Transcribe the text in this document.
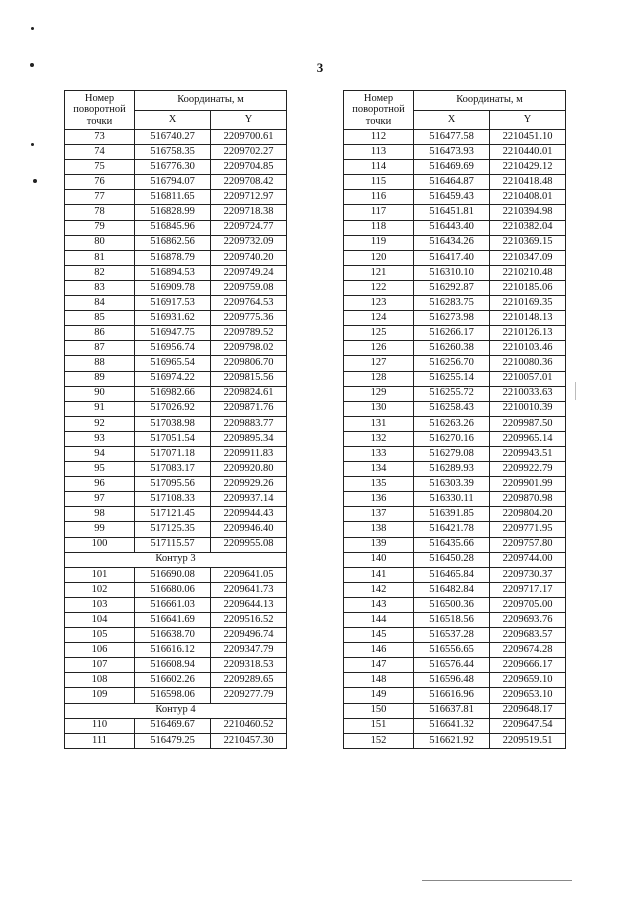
3
Номер поворотной точки	Координаты, м	
	X	Y
73	516740.27	2209700.61
74	516758.35	2209702.27
75	516776.30	2209704.85
76	516794.07	2209708.42
77	516811.65	2209712.97
78	516828.99	2209718.38
79	516845.96	2209724.77
80	516862.56	2209732.09
81	516878.79	2209740.20
82	516894.53	2209749.24
83	516909.78	2209759.08
84	516917.53	2209764.53
85	516931.62	2209775.36
86	516947.75	2209789.52
87	516956.74	2209798.02
88	516965.54	2209806.70
89	516974.22	2209815.56
90	516982.66	2209824.61
91	517026.92	2209871.76
92	517038.98	2209883.77
93	517051.54	2209895.34
94	517071.18	2209911.83
95	517083.17	2209920.80
96	517095.56	2209929.26
97	517108.33	2209937.14
98	517121.45	2209944.43
99	517125.35	2209946.40
100	517115.57	2209955.08
Контур 3		
101	516690.08	2209641.05
102	516680.06	2209641.73
103	516661.03	2209644.13
104	516641.69	2209516.52
105	516638.70	2209496.74
106	516616.12	2209347.79
107	516608.94	2209318.53
108	516602.26	2209289.65
109	516598.06	2209277.79
Контур 4		
110	516469.67	2210460.52
111	516479.25	2210457.30
Номер поворотной точки	Координаты, м	
	X	Y
112	516477.58	2210451.10
113	516473.93	2210440.01
114	516469.69	2210429.12
115	516464.87	2210418.48
116	516459.43	2210408.01
117	516451.81	2210394.98
118	516443.40	2210382.04
119	516434.26	2210369.15
120	516417.40	2210347.09
121	516310.10	2210210.48
122	516292.87	2210185.06
123	516283.75	2210169.35
124	516273.98	2210148.13
125	516266.17	2210126.13
126	516260.38	2210103.46
127	516256.70	2210080.36
128	516255.14	2210057.01
129	516255.72	2210033.63
130	516258.43	2210010.39
131	516263.26	2209987.50
132	516270.16	2209965.14
133	516279.08	2209943.51
134	516289.93	2209922.79
135	516303.39	2209901.99
136	516330.11	2209870.98
137	516391.85	2209804.20
138	516421.78	2209771.95
139	516435.66	2209757.80
140	516450.28	2209744.00
141	516465.84	2209730.37
142	516482.84	2209717.17
143	516500.36	2209705.00
144	516518.56	2209693.76
145	516537.28	2209683.57
146	516556.65	2209674.28
147	516576.44	2209666.17
148	516596.48	2209659.10
149	516616.96	2209653.10
150	516637.81	2209648.17
151	516641.32	2209647.54
152	516621.92	2209519.51
